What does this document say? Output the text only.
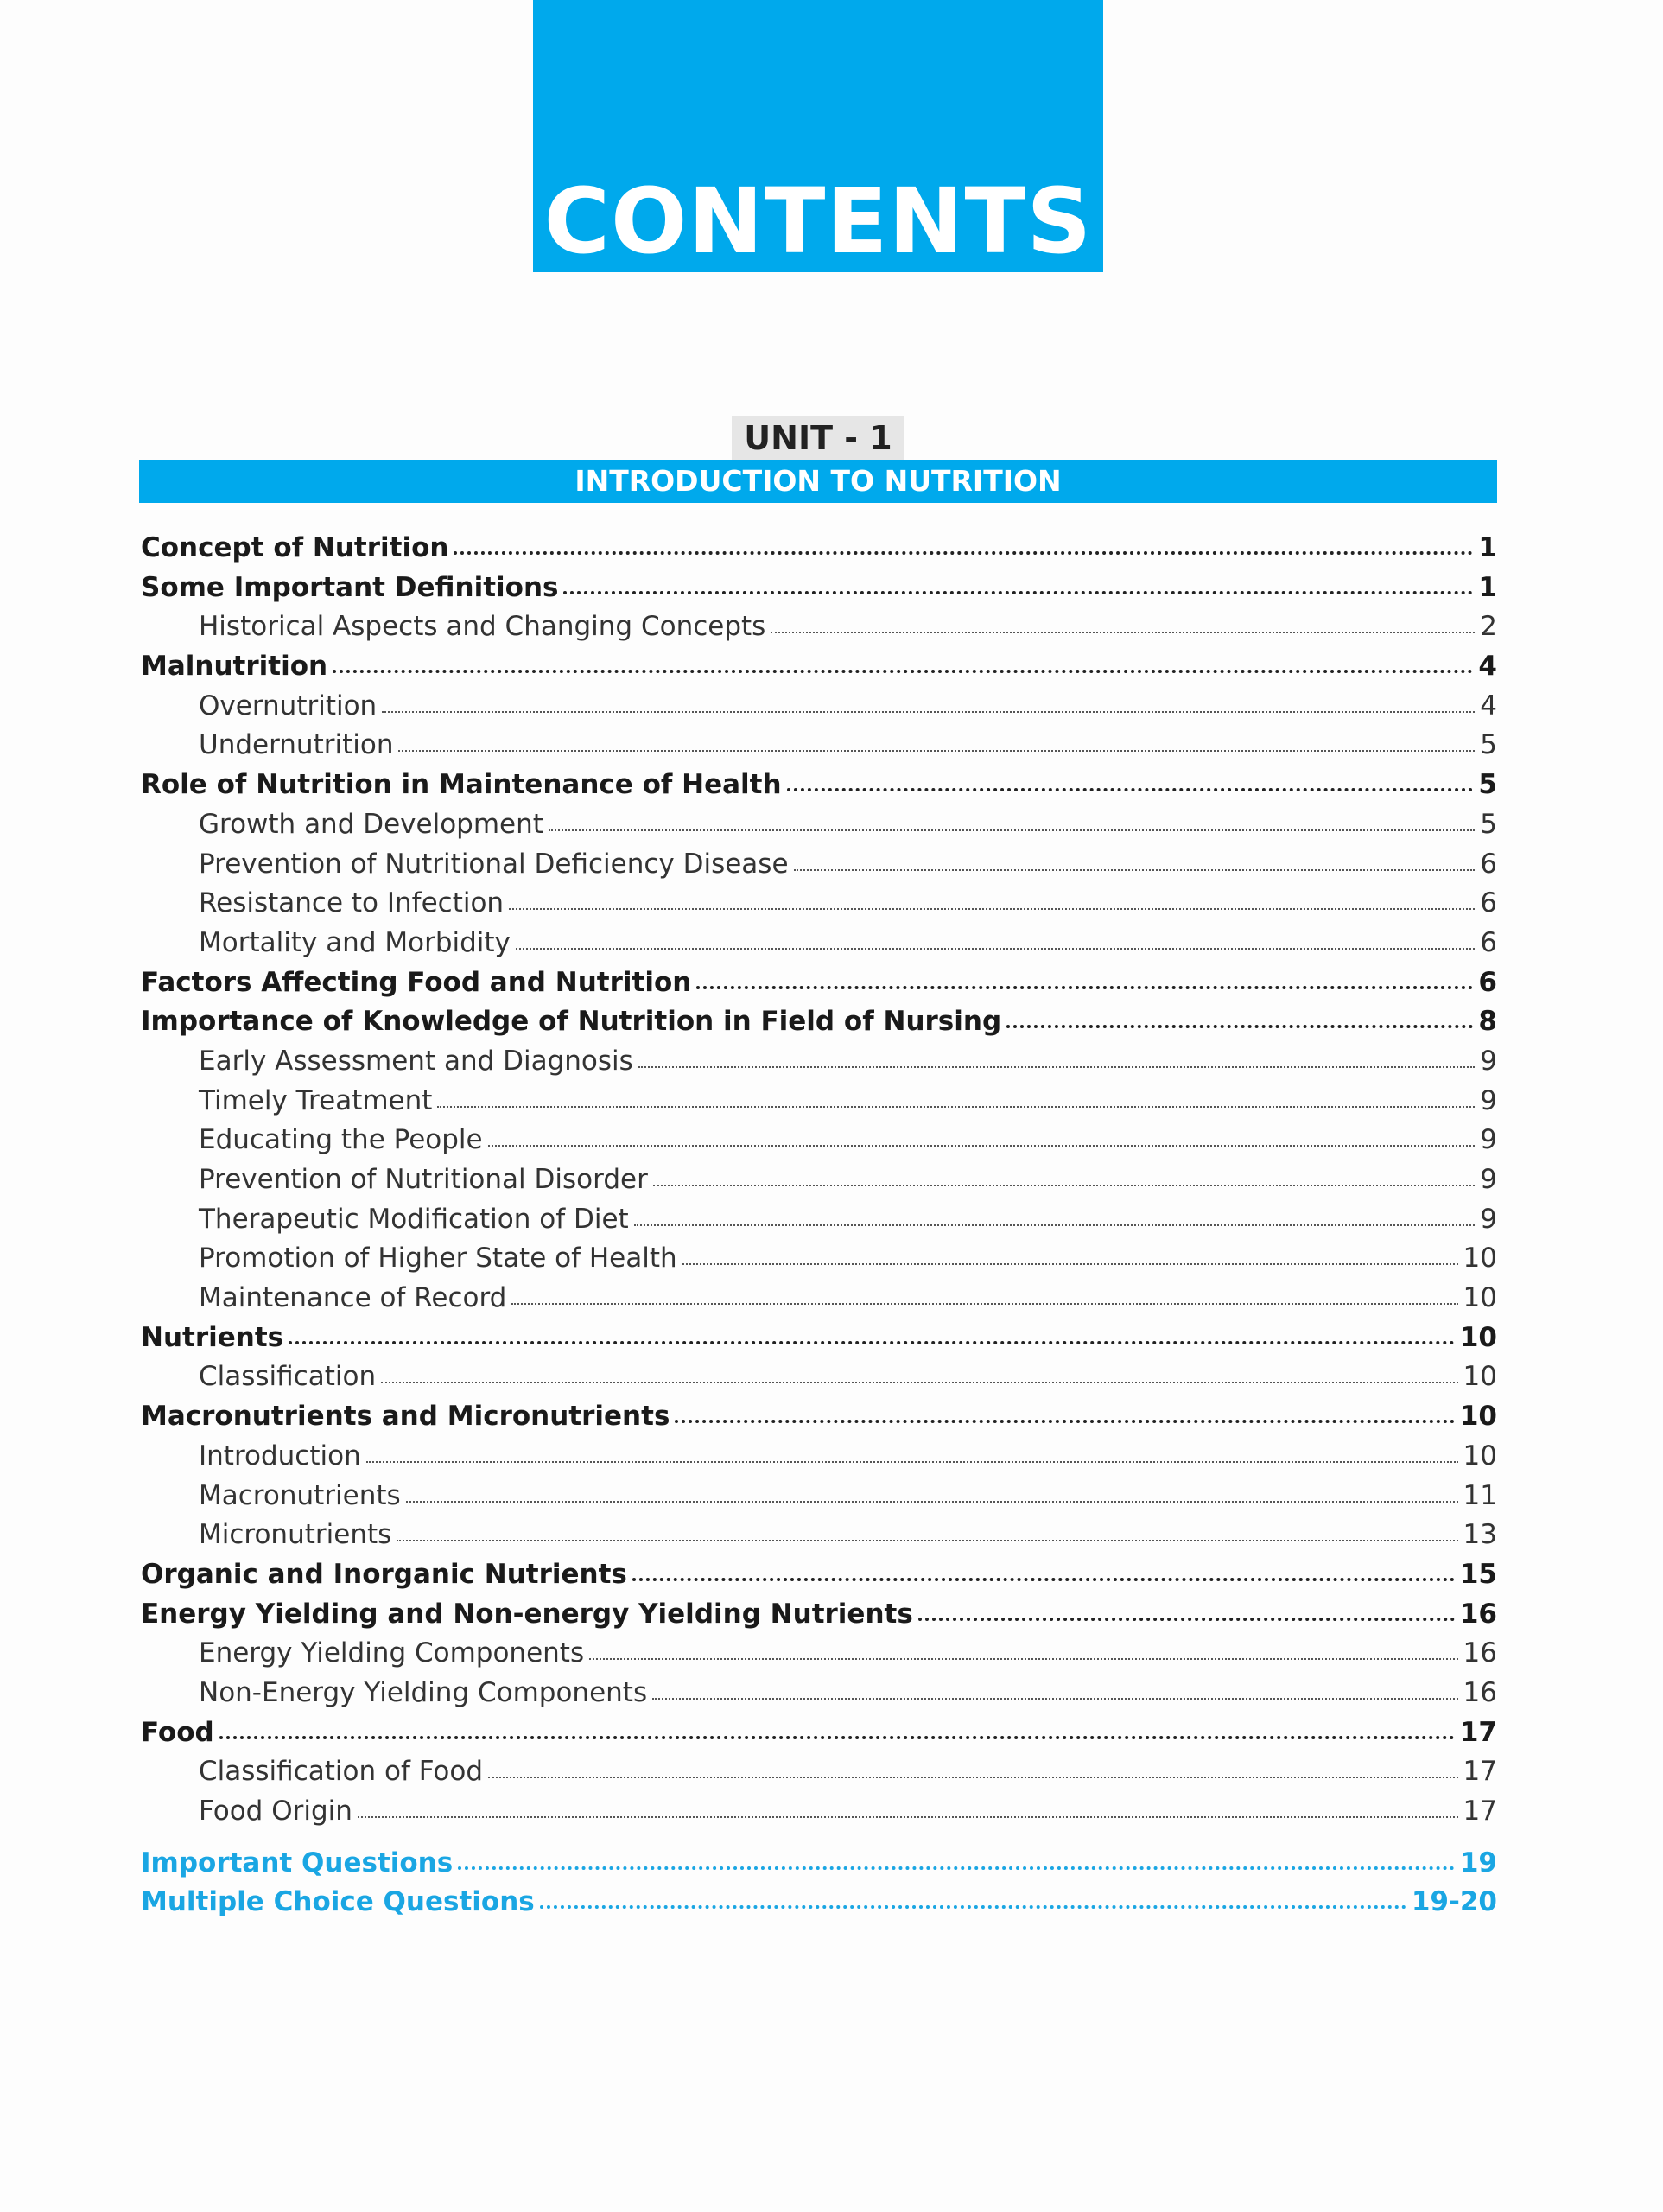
CONTENTS
UNIT - 1
INTRODUCTION TO NUTRITION
Concept of Nutrition	1
Some Important Definitions	1
Historical Aspects and Changing Concepts	2
Malnutrition	4
Overnutrition	4
Undernutrition	5
Role of Nutrition in Maintenance of Health	5
Growth and Development	5
Prevention of Nutritional Deficiency Disease	6
Resistance to Infection	6
Mortality and Morbidity	6
Factors Affecting Food and Nutrition	6
Importance of Knowledge of Nutrition in Field of Nursing	8
Early Assessment and Diagnosis	9
Timely Treatment	9
Educating the People	9
Prevention of Nutritional Disorder	9
Therapeutic Modification of Diet	9
Promotion of Higher State of Health	10
Maintenance of Record	10
Nutrients	10
Classification	10
Macronutrients and Micronutrients	10
Introduction	10
Macronutrients	11
Micronutrients	13
Organic and Inorganic Nutrients	15
Energy Yielding and Non-energy Yielding Nutrients	16
Energy Yielding Components	16
Non-Energy Yielding Components	16
Food	17
Classification of Food	17
Food Origin	17
Important Questions	19
Multiple Choice Questions	19-20
